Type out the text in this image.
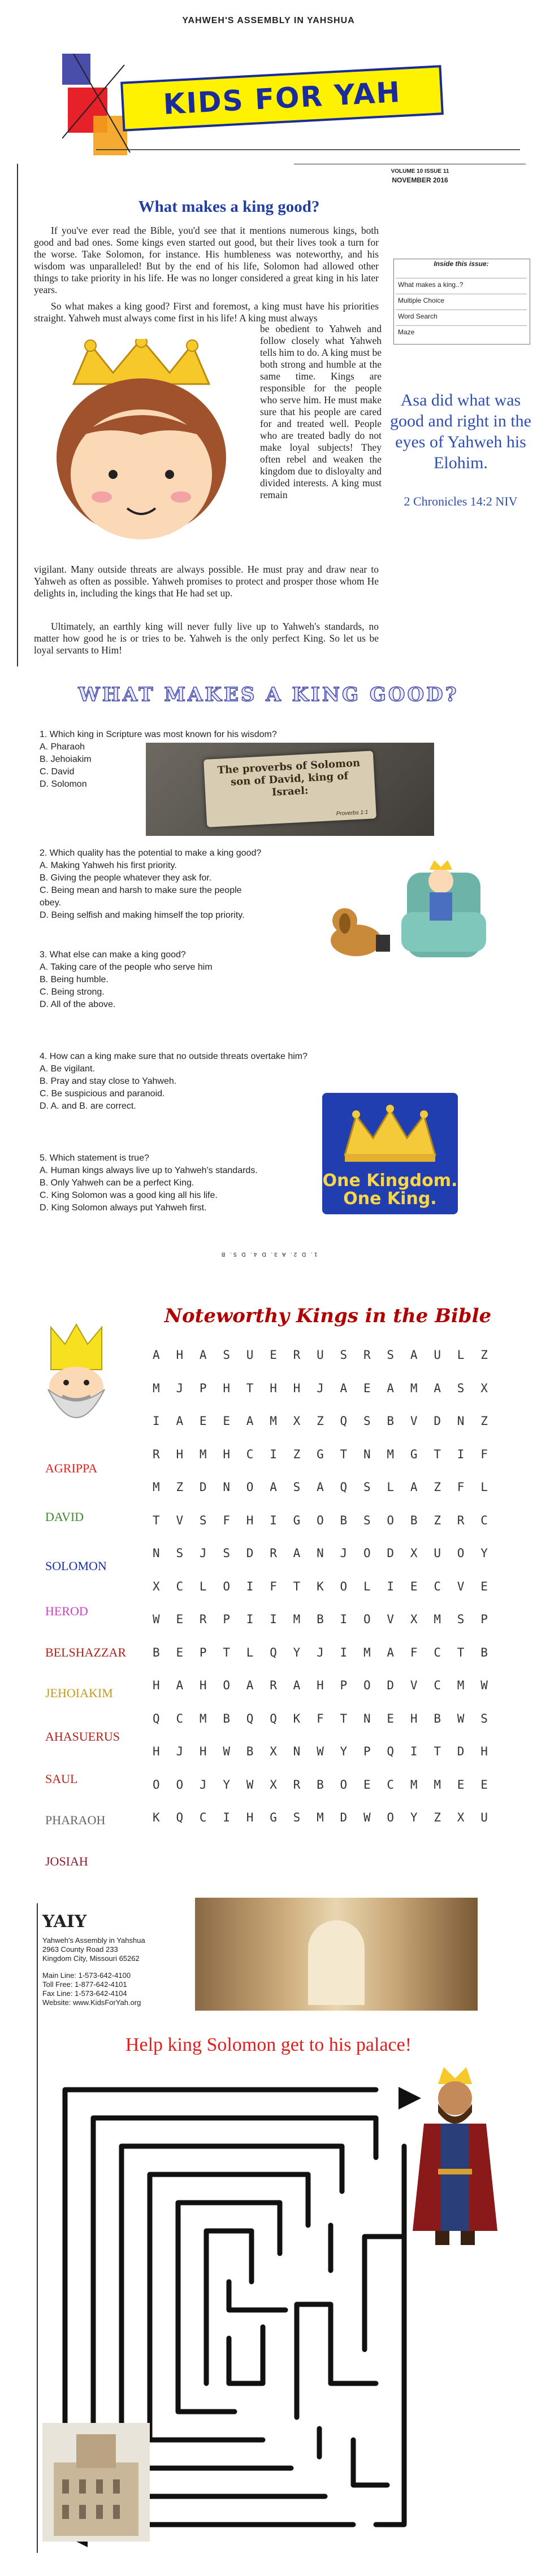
YAHWEH'S ASSEMBLY IN YAHSHUA
KIDS FOR YAH
VOLUME 10 ISSUE 11
NOVEMBER 2016
What makes a king good?

If you've ever read the Bible, you'd see that it mentions numerous kings, both good and bad ones. Some kings even started out good, but their lives took a turn for the worse. Take Solomon, for instance. His humbleness was noteworthy, and his wisdom was unparalleled! But by the end of his life, Solomon had allowed other things to take priority in his life. He was no longer considered a great king in his later years.

So what makes a king good? First and foremost, a king must have his priorities straight. Yahweh must always come first in his life! A king must always

be obedient to Yahweh and follow closely what Yahweh tells him to do. A king must be both strong and humble at the same time. Kings are responsible for the people who serve him. He must make sure that his people are cared for and treated well. People who are treated badly do not make loyal subjects! They often rebel and weaken the kingdom due to disloyalty and divided interests. A king must remain

vigilant. Many outside threats are always possible. He must pray and draw near to Yahweh as often as possible. Yahweh promises to protect and prosper those whom He delights in, including the kings that He had set up.

Ultimately, an earthly king will never fully live up to Yahweh's standards, no matter how good he is or tries to be. Yahweh is the only perfect King. So let us be loyal servants to Him!

Inside this issue:
What makes a king..?
Multiple Choice
Word Search
Maze
Asa did what was good and right in the eyes of Yahweh his Elohim.
2 Chronicles 14:2 NIV
WHAT MAKES A KING GOOD?
1. Which king in Scripture was most known for his wisdom?
A. Pharaoh
B. Jehoiakim
C. David
D. Solomon
2. Which quality has the potential to make a king good?
A. Making Yahweh his first priority.
B. Giving the people whatever they ask for.
C. Being mean and harsh to make sure the people
obey.
D. Being selfish and making himself the top priority.
3. What else can make a king good?
A. Taking care of the people who serve him
B. Being humble.
C. Being strong.
D. All of the above.
4. How can a king make sure that no outside threats overtake him?
A. Be vigilant.
B. Pray and stay close to Yahweh.
C. Be suspicious and paranoid.
D. A. and B. are correct.
5. Which statement is true?
A. Human kings always live up to Yahweh's standards.
B. Only Yahweh can be a perfect King.
C. King Solomon was a good king all his life.
D. King Solomon always put Yahweh first.
The proverbs of Solomon son of David, king of Israel:
Proverbs 1:1
One Kingdom. One King.
1. D 2. A 3. D 4. D 5. B
Noteworthy Kings in the Bible
AHASUERUSRSAULZ
MJPHTHHJAEAMASX
IAEEAMXZQSBVDNZ
RHMHCIZGTNMGTIF
MZDNOASAQSLAZFL
TVSFHIGOBSOBZRC
NSJSDRANJODXUOY
XCLOIFTKOLIECVE
WERPIIMBIOVXMSP
BEPTLQYJIMAFCTB
HAHOARAHPODVCMW
QCMBQQKFTNEHBWS
HJHWBXNWYPQITDH
OOJYWXRBOECMMEE
KQCIHGSMDWOYZXU
AGRIPPA
DAVID
SOLOMON
HEROD
BELSHAZZAR
JEHOIAKIM
AHASUERUS
SAUL
PHARAOH
JOSIAH
YAIY
Yahweh's Assembly in Yahshua
2963 County Road 233
Kingdom City, Missouri 65262
Main Line: 1-573-642-4100
Toll Free: 1-877-642-4101
Fax Line: 1-573-642-4104
Website: www.KidsForYah.org
Help king Solomon get to his palace!
